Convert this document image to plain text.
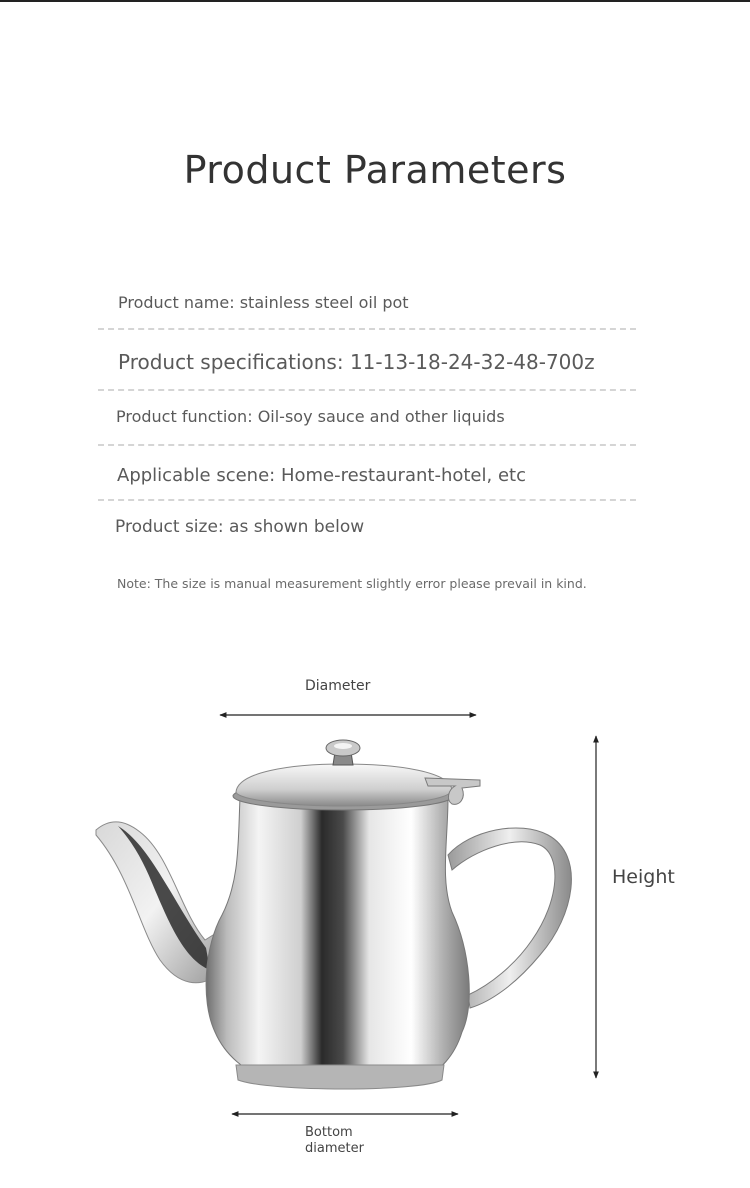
Product Parameters
Product name: stainless steel oil pot
Product specifications: 11-13-18-24-32-48-700z
Product function: Oil-soy sauce and other liquids
Applicable scene: Home-restaurant-hotel, etc
Product size: as shown below
Note: The size is manual measurement slightly error please prevail in kind.
Diameter
Height
Bottom
diameter
